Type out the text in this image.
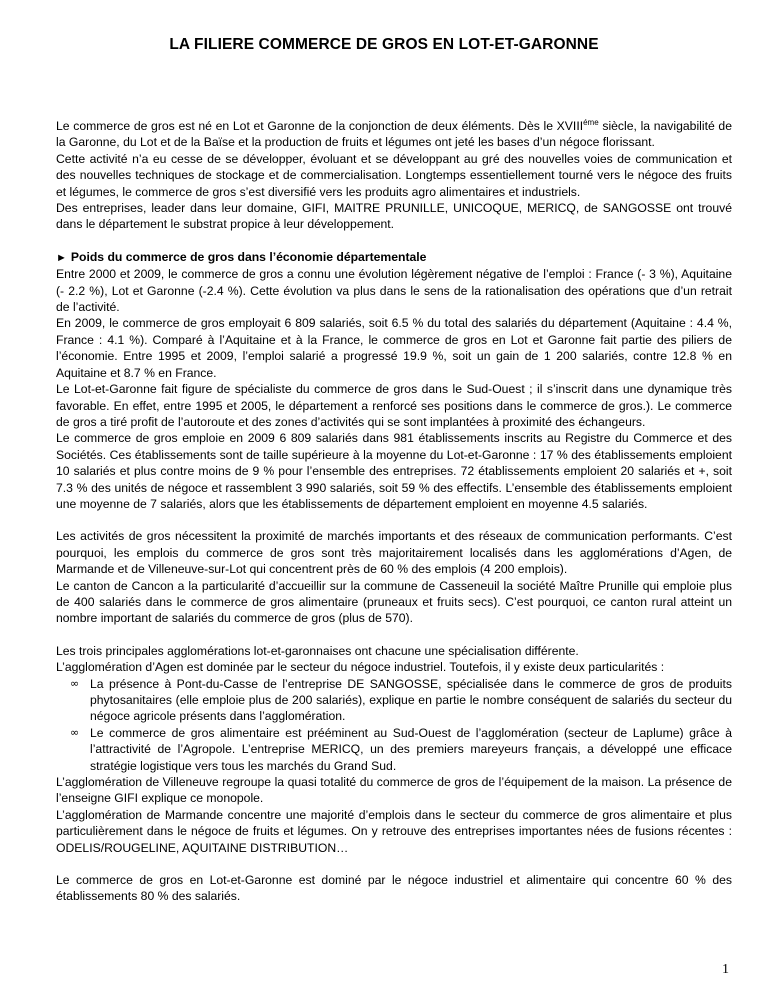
LA FILIERE COMMERCE DE GROS EN LOT-ET-GARONNE

Le commerce de gros est né en Lot et Garonne de la conjonction de deux éléments. Dès le $XVIII^{éme}$ siècle, la navigabilité de la Garonne, du Lot et de la Baïse et la production de fruits et légumes ont jeté les bases d’un négoce florissant.

Cette activité n’a eu cesse de se développer, évoluant et se développant au gré des nouvelles voies de communication et des nouvelles techniques de stockage et de commercialisation. Longtemps essentiellement tourné vers le négoce des fruits et légumes, le commerce de gros s’est diversifié vers les produits agro alimentaires et industriels.

Des entreprises, leader dans leur domaine, GIFI, MAITRE PRUNILLE, UNICOQUE, MERICQ, de SANGOSSE ont trouvé dans le département le substrat propice à leur développement.

► Poids du commerce de gros dans l’économie départementale

Entre 2000 et 2009, le commerce de gros a connu une évolution légèrement négative de l’emploi : France (- 3 %), Aquitaine (- 2.2 %), Lot et Garonne (-2.4 %). Cette évolution va plus dans le sens de la rationalisation des opérations que d’un retrait de l’activité.

En 2009, le commerce de gros employait 6 809 salariés, soit 6.5 % du total des salariés du département (Aquitaine : 4.4 %, France : 4.1 %). Comparé à l’Aquitaine et à la France, le commerce de gros en Lot et Garonne fait partie des piliers de l’économie. Entre 1995 et 2009, l’emploi salarié a progressé 19.9 %, soit un gain de 1 200 salariés, contre 12.8 % en Aquitaine et 8.7 % en France.

Le Lot-et-Garonne fait figure de spécialiste du commerce de gros dans le Sud-Ouest ; il s’inscrit dans une dynamique très favorable. En effet, entre 1995 et 2005, le département a renforcé ses positions dans le commerce de gros.). Le commerce de gros a tiré profit de l’autoroute et des zones d’activités qui se sont implantées à proximité des échangeurs.

Le commerce de gros emploie en 2009 6 809 salariés dans 981 établissements inscrits au Registre du Commerce et des Sociétés. Ces établissements sont de taille supérieure à la moyenne du Lot-et-Garonne : 17 % des établissements emploient 10 salariés et plus contre moins de 9 % pour l’ensemble des entreprises. 72 établissements emploient 20 salariés et +, soit 7.3 % des unités de négoce et rassemblent 3 990 salariés, soit 59 % des effectifs. L’ensemble des établissements emploient une moyenne de 7 salariés, alors que les établissements de département emploient en moyenne 4.5 salariés.

Les activités de gros nécessitent la proximité de marchés importants et des réseaux de communication performants. C’est pourquoi, les emplois du commerce de gros sont très majoritairement localisés dans les agglomérations d’Agen, de Marmande et de Villeneuve-sur-Lot qui concentrent près de 60 % des emplois (4 200 emplois).

Le canton de Cancon a la particularité d’accueillir sur la commune de Casseneuil la société Maître Prunille qui emploie plus de 400 salariés dans le commerce de gros alimentaire (pruneaux et fruits secs). C’est pourquoi, ce canton rural atteint un nombre important de salariés du commerce de gros (plus de 570).

Les trois principales agglomérations lot-et-garonnaises ont chacune une spécialisation différente.

L’agglomération d’Agen est dominée par le secteur du négoce industriel. Toutefois, il y existe deux particularités :

∞ La présence à Pont-du-Casse de l’entreprise DE SANGOSSE, spécialisée dans le commerce de gros de produits phytosanitaires (elle emploie plus de 200 salariés), explique en partie le nombre conséquent de salariés du secteur du négoce agricole présents dans l’agglomération.
∞ Le commerce de gros alimentaire est prééminent au Sud-Ouest de l’agglomération (secteur de Laplume) grâce à l’attractivité de l’Agropole. L’entreprise MERICQ, un des premiers mareyeurs français, a développé une efficace stratégie logistique vers tous les marchés du Grand Sud.

L’agglomération de Villeneuve regroupe la quasi totalité du commerce de gros de l’équipement de la maison. La présence de l’enseigne GIFI explique ce monopole.

L’agglomération de Marmande concentre une majorité d’emplois dans le secteur du commerce de gros alimentaire et plus particulièrement dans le négoce de fruits et légumes. On y retrouve des entreprises importantes nées de fusions récentes : ODELIS/ROUGELINE, AQUITAINE DISTRIBUTION…

Le commerce de gros en Lot-et-Garonne est dominé par le négoce industriel et alimentaire qui concentre 60 % des établissements 80 % des salariés.

1
